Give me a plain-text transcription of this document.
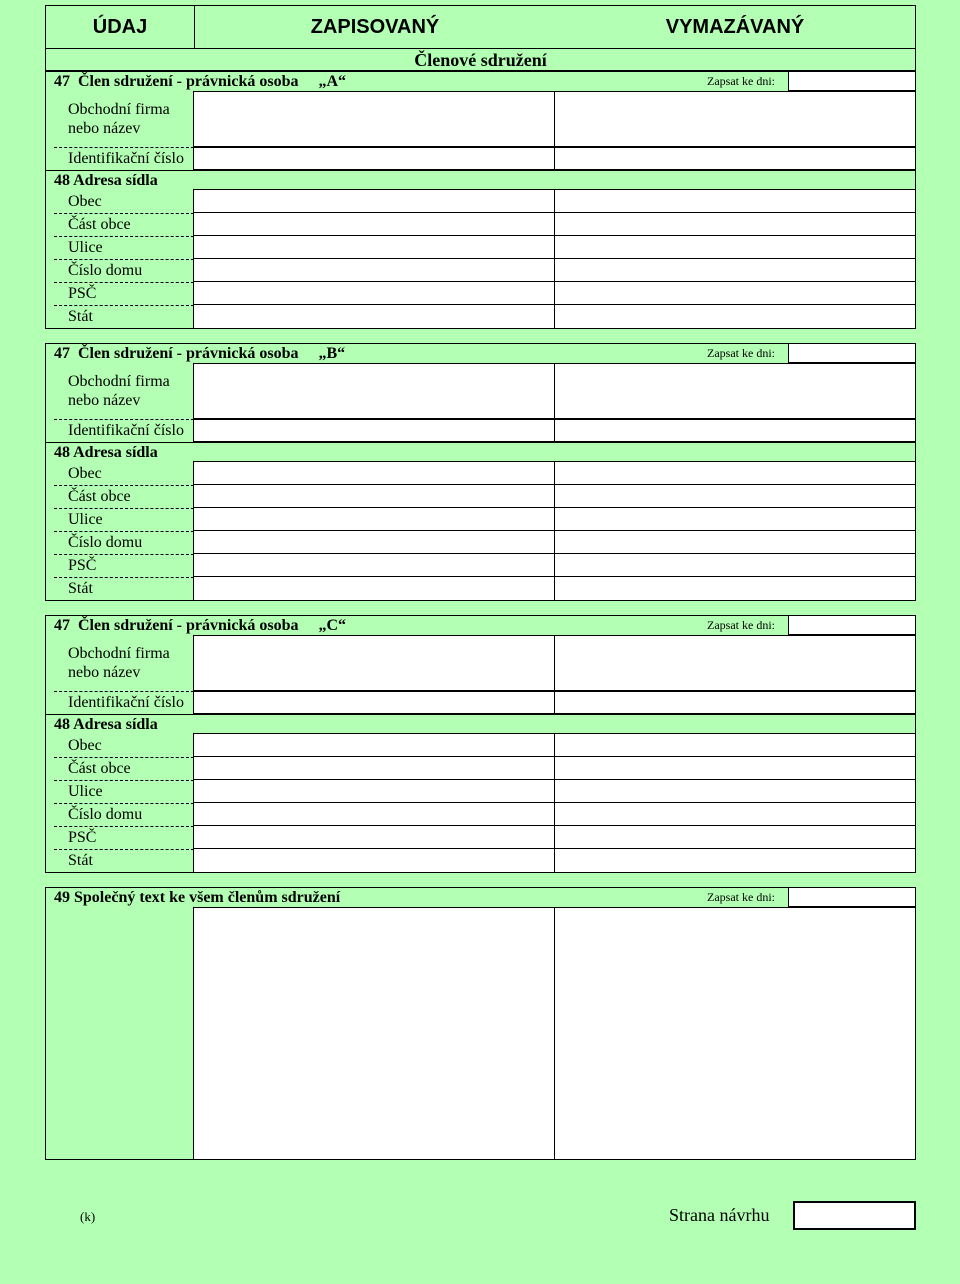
ÚDAJ	ZAPISOVANÝ	VYMAZÁVANÝ
Členové sdružení
47  Člen sdružení - právnická osoba     „A“	Zapsat ke dni:
Obchodní firma
nebo název
Identifikační číslo
48 Adresa sídla
Obec
Část obce
Ulice
Číslo domu
PSČ
Stát
47  Člen sdružení - právnická osoba     „B“	Zapsat ke dni:
Obchodní firma
nebo název
Identifikační číslo
48 Adresa sídla
Obec
Část obce
Ulice
Číslo domu
PSČ
Stát
47  Člen sdružení - právnická osoba     „C“	Zapsat ke dni:
Obchodní firma
nebo název
Identifikační číslo
48 Adresa sídla
Obec
Část obce
Ulice
Číslo domu
PSČ
Stát
49 Společný text ke všem členům sdružení	Zapsat ke dni:
(k)	Strana návrhu
